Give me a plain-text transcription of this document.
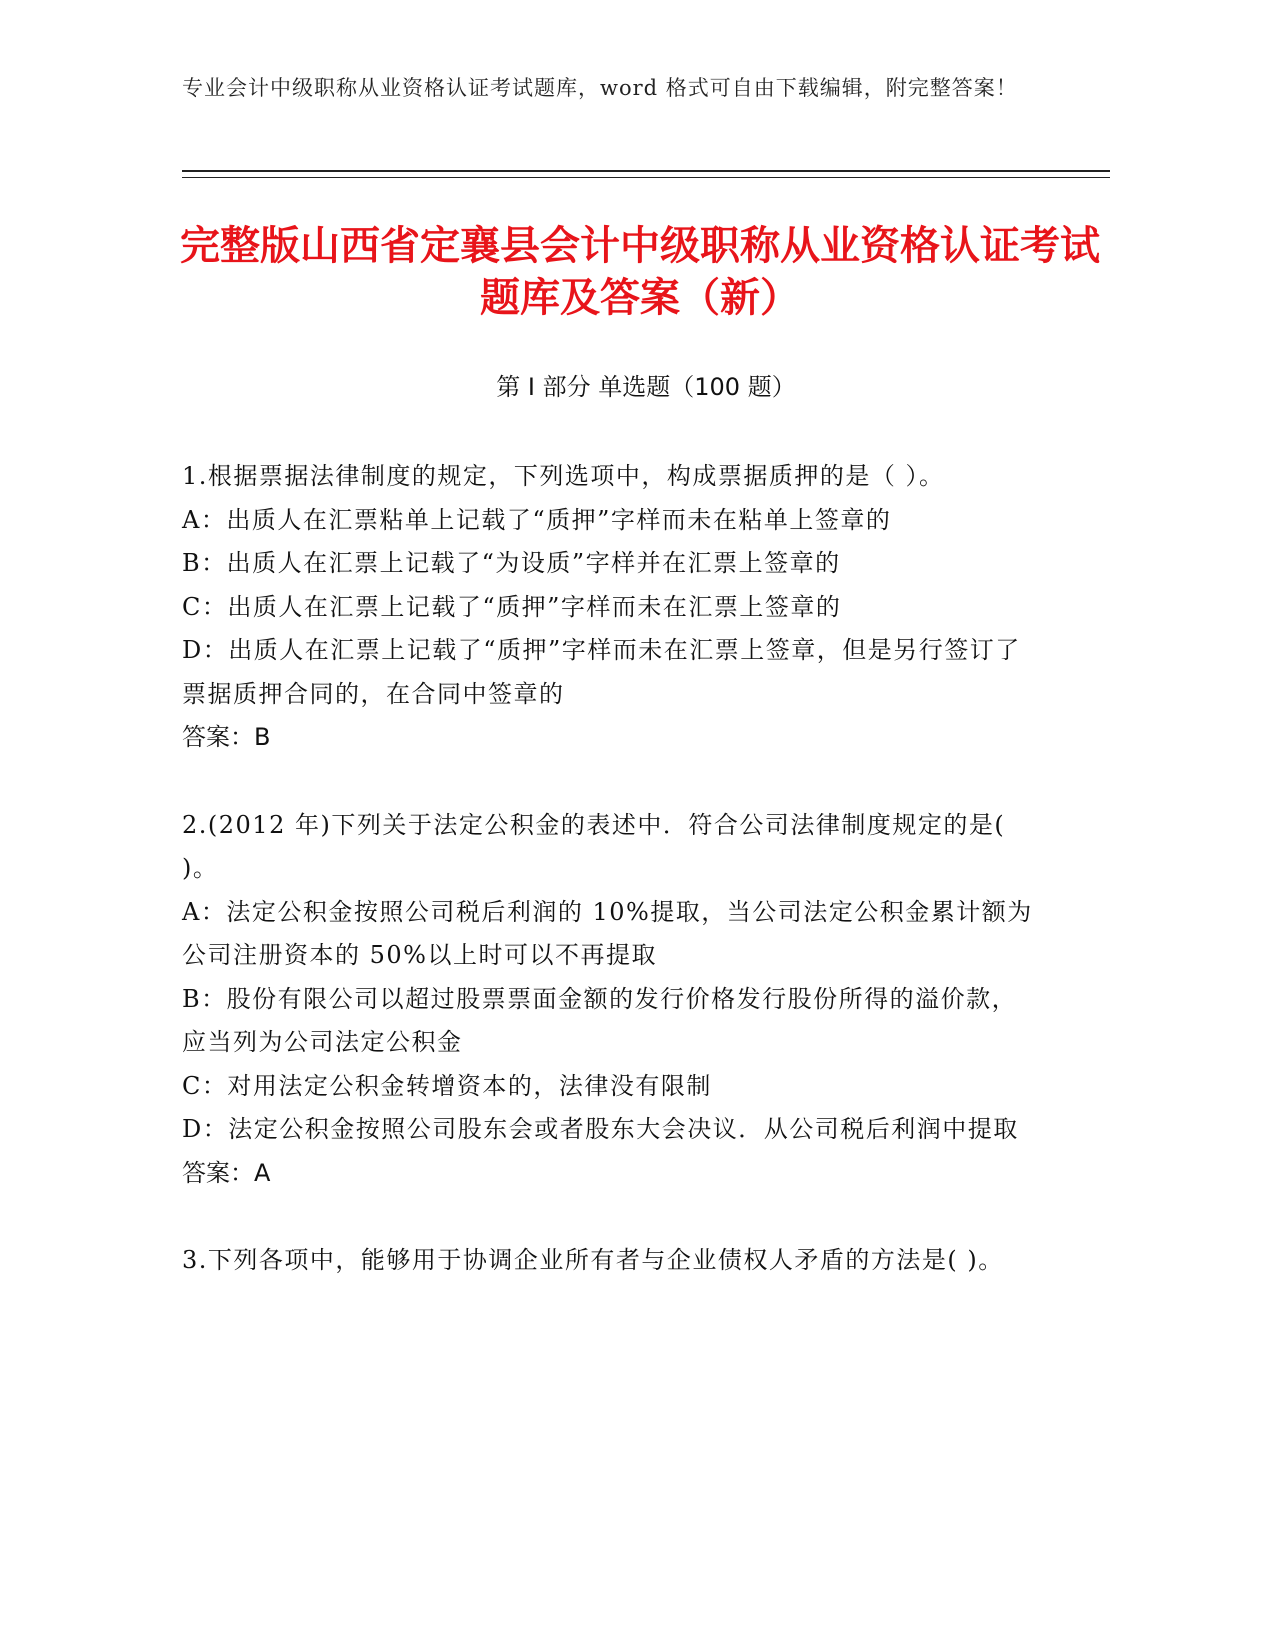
专业会计中级职称从业资格认证考试题库，word 格式可自由下载编辑，附完整答案！
完整版山西省定襄县会计中级职称从业资格认证考试题库及答案（新）
第 I 部分 单选题（100 题）
1.根据票据法律制度的规定，下列选项中，构成票据质押的是（ ）。
A：出质人在汇票粘单上记载了“质押”字样而未在粘单上签章的
B：出质人在汇票上记载了“为设质”字样并在汇票上签章的
C：出质人在汇票上记载了“质押”字样而未在汇票上签章的
D：出质人在汇票上记载了“质押”字样而未在汇票上签章，但是另行签订了票据质押合同的，在合同中签章的
答案：B
2.(2012 年)下列关于法定公积金的表述中．符合公司法律制度规定的是( )。
A：法定公积金按照公司税后利润的 10%提取，当公司法定公积金累计额为公司注册资本的 50%以上时可以不再提取
B：股份有限公司以超过股票票面金额的发行价格发行股份所得的溢价款，应当列为公司法定公积金
C：对用法定公积金转增资本的，法律没有限制
D：法定公积金按照公司股东会或者股东大会决议．从公司税后利润中提取
答案：A
3.下列各项中，能够用于协调企业所有者与企业债权人矛盾的方法是( )。
